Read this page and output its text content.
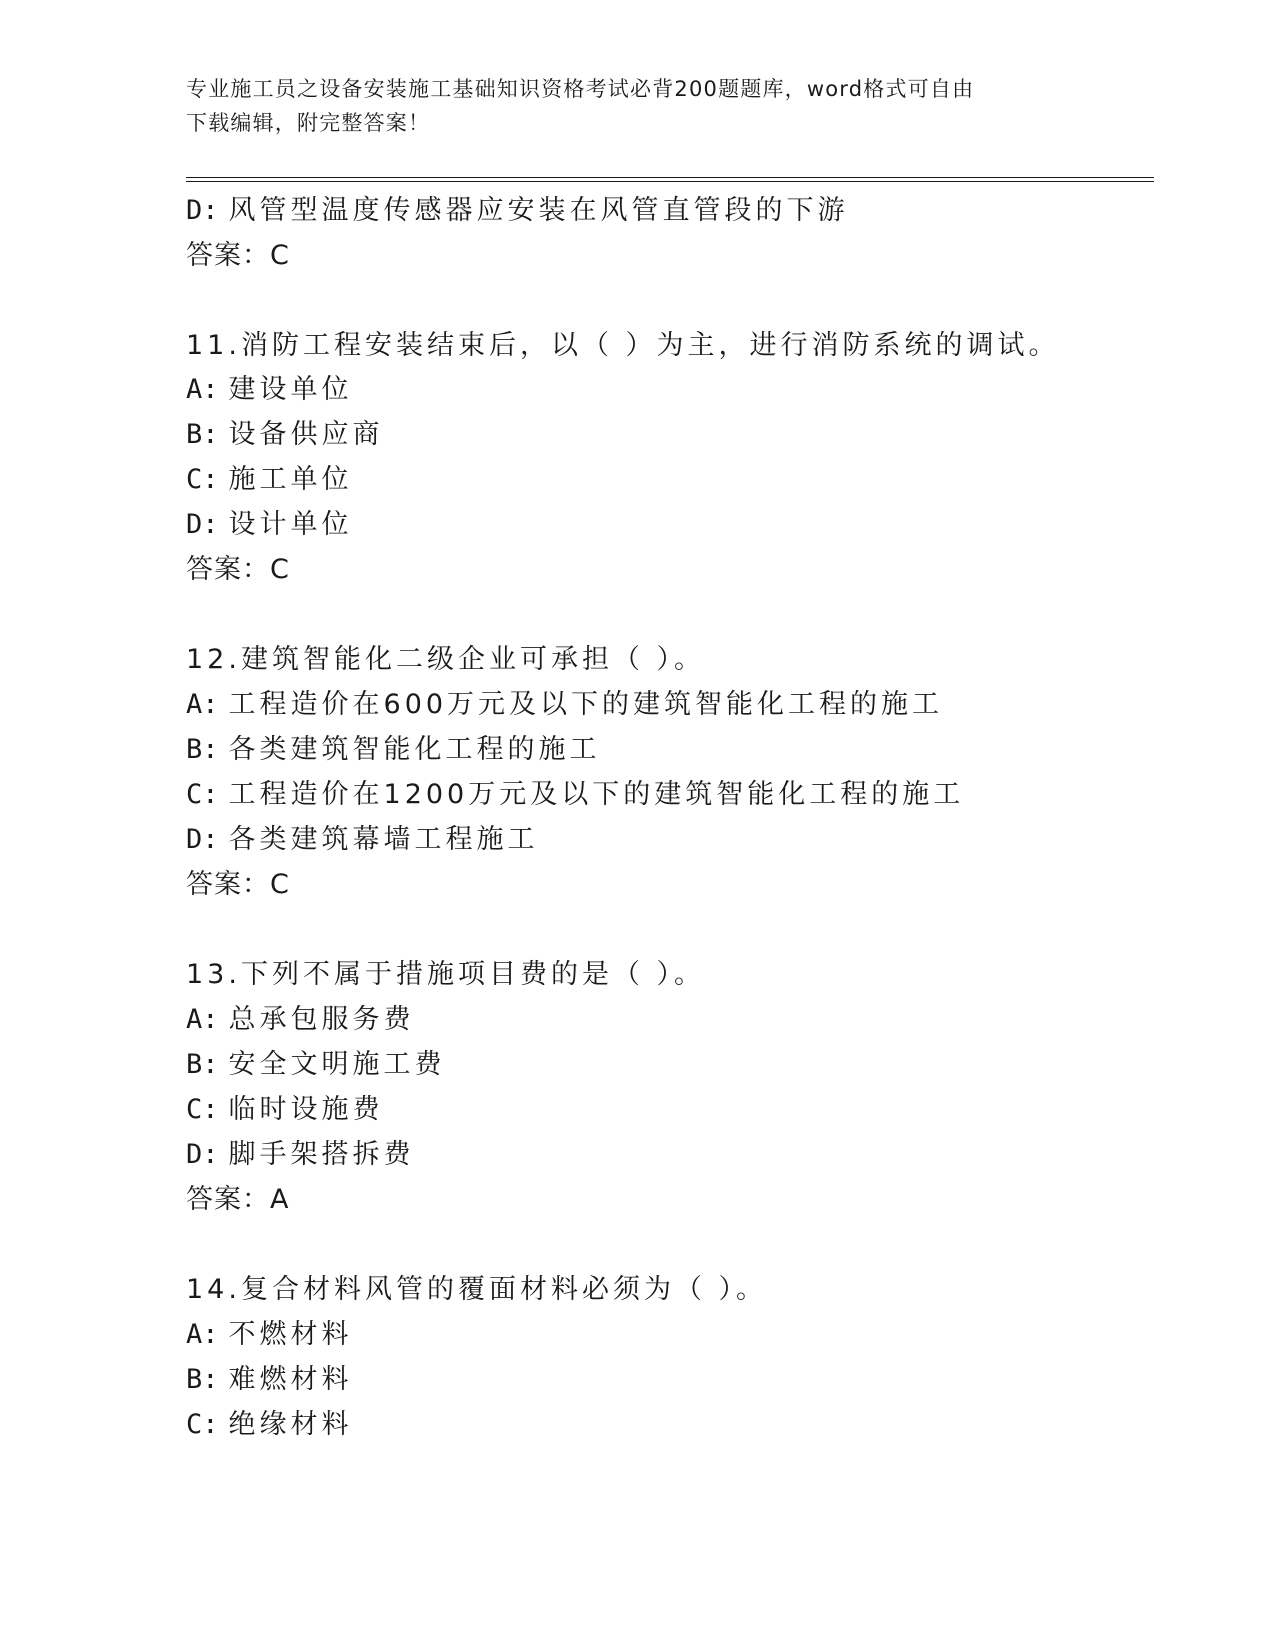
专业施工员之设备安装施工基础知识资格考试必背200题题库，word格式可自由
下载编辑，附完整答案！
D: 风管型温度传感器应安装在风管直管段的下游
答案：C
11.消防工程安装结束后，以（ ）为主，进行消防系统的调试。
A: 建设单位
B: 设备供应商
C: 施工单位
D: 设计单位
答案：C
12.建筑智能化二级企业可承担（ ）。
A: 工程造价在600万元及以下的建筑智能化工程的施工
B: 各类建筑智能化工程的施工
C: 工程造价在1200万元及以下的建筑智能化工程的施工
D: 各类建筑幕墙工程施工
答案：C
13.下列不属于措施项目费的是（ ）。
A: 总承包服务费
B: 安全文明施工费
C: 临时设施费
D: 脚手架搭拆费
答案：A
14.复合材料风管的覆面材料必须为（ ）。
A: 不燃材料
B: 难燃材料
C: 绝缘材料
